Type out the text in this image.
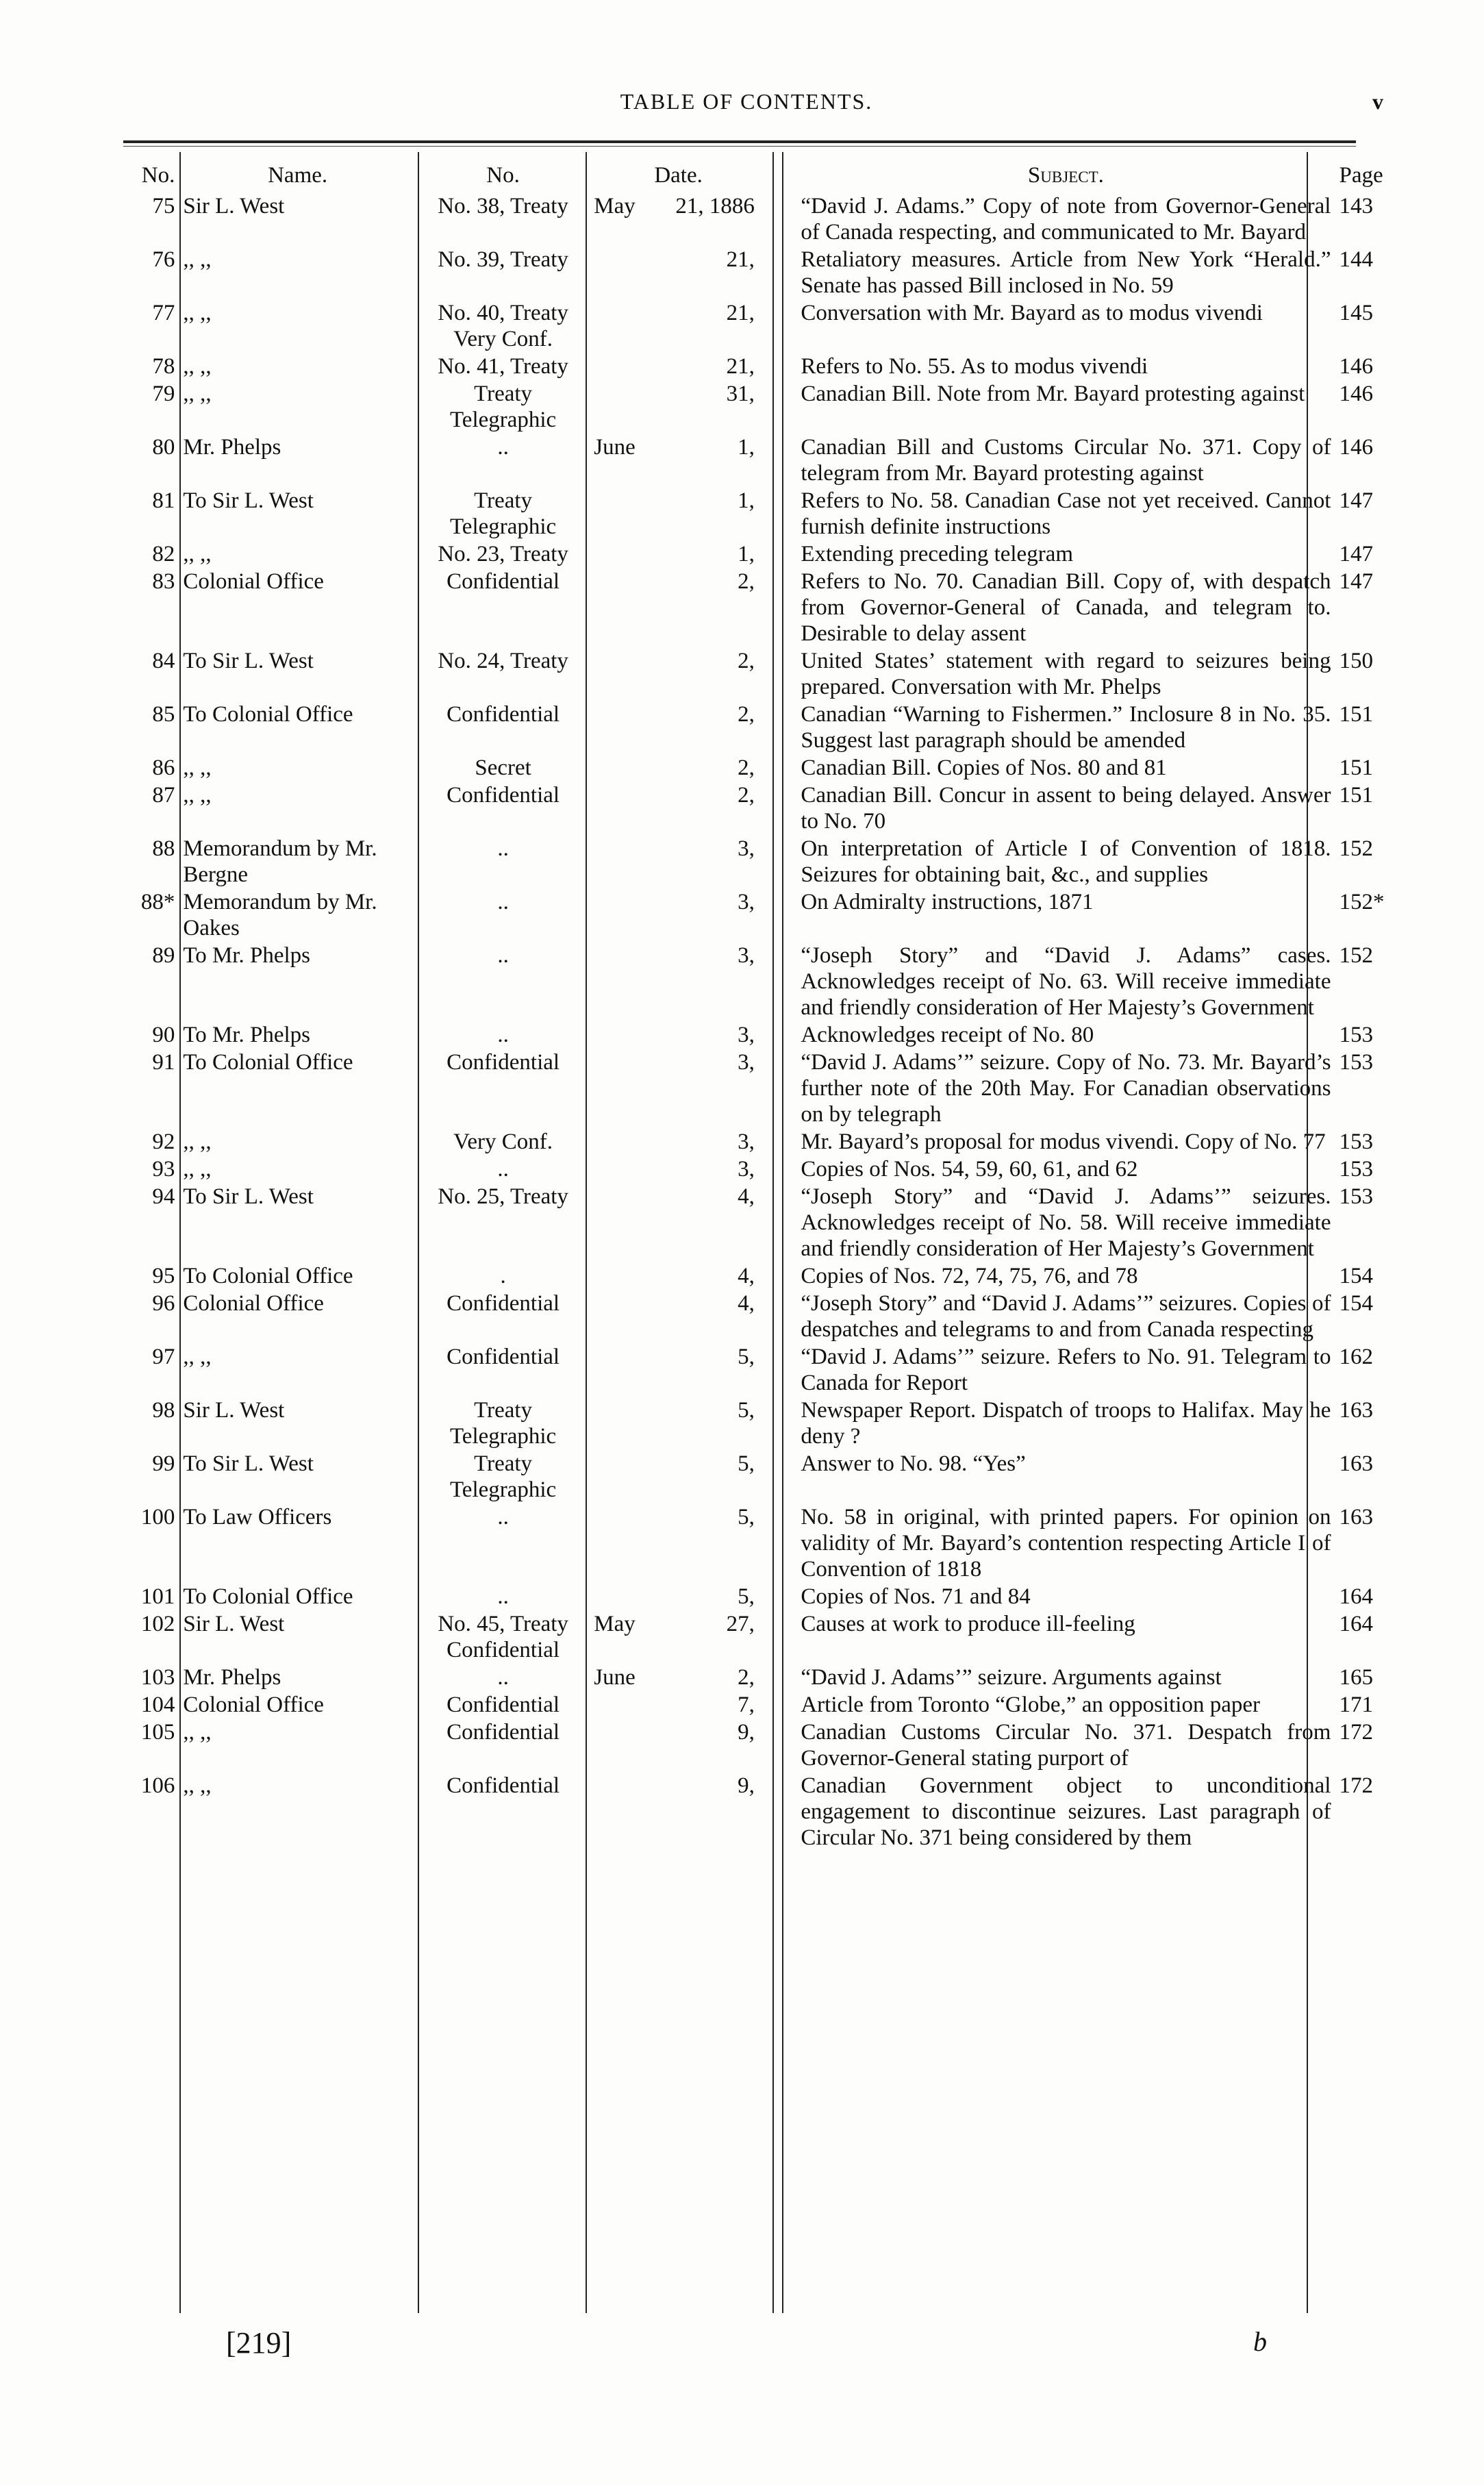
TABLE OF CONTENTS.	v
No.	Name.	No.	Date.		Subject.	Page
75	Sir L. West	No. 38, Treaty	May 21, 1886		“David J. Adams.” Copy of note from Governor-General of Canada respecting, and communicated to Mr. Bayard	143
76	,, ,,	No. 39, Treaty	21,		Retaliatory measures. Article from New York “Herald.” Senate has passed Bill inclosed in No. 59	144
77	,, ,,	No. 40, Treaty Very Conf.	21,		Conversation with Mr. Bayard as to modus vivendi	145
78	,, ,,	No. 41, Treaty	21,		Refers to No. 55. As to modus vivendi	146
79	,, ,,	Treaty Telegraphic	31,		Canadian Bill. Note from Mr. Bayard protesting against	146
80	Mr. Phelps	..	June 1,		Canadian Bill and Customs Circular No. 371. Copy of telegram from Mr. Bayard protesting against	146
81	To Sir L. West	Treaty Telegraphic	1,		Refers to No. 58. Canadian Case not yet received. Cannot furnish definite instructions	147
82	,, ,,	No. 23, Treaty	1,		Extending preceding telegram	147
83	Colonial Office	Confidential	2,		Refers to No. 70. Canadian Bill. Copy of, with despatch from Governor-General of Canada, and telegram to. Desirable to delay assent	147
84	To Sir L. West	No. 24, Treaty	2,		United States’ statement with regard to seizures being prepared. Conversation with Mr. Phelps	150
85	To Colonial Office	Confidential	2,		Canadian “Warning to Fishermen.” Inclosure 8 in No. 35. Suggest last paragraph should be amended	151
86	,, ,,	Secret	2,		Canadian Bill. Copies of Nos. 80 and 81	151
87	,, ,,	Confidential	2,		Canadian Bill. Concur in assent to being delayed. Answer to No. 70	151
88	Memorandum by Mr. Bergne	..	3,		On interpretation of Article I of Convention of 1818. Seizures for obtaining bait, &c., and supplies	152
88*	Memorandum by Mr. Oakes	..	3,		On Admiralty instructions, 1871	152*
89	To Mr. Phelps	..	3,		“Joseph Story” and “David J. Adams” cases. Acknowledges receipt of No. 63. Will receive immediate and friendly consideration of Her Majesty’s Government	152
90	To Mr. Phelps	..	3,		Acknowledges receipt of No. 80	153
91	To Colonial Office	Confidential	3,		“David J. Adams’” seizure. Copy of No. 73. Mr. Bayard’s further note of the 20th May. For Canadian observations on by telegraph	153
92	,, ,,	Very Conf.	3,		Mr. Bayard’s proposal for modus vivendi. Copy of No. 77	153
93	,, ,,	..	3,		Copies of Nos. 54, 59, 60, 61, and 62	153
94	To Sir L. West	No. 25, Treaty	4,		“Joseph Story” and “David J. Adams’” seizures. Acknowledges receipt of No. 58. Will receive immediate and friendly consideration of Her Majesty’s Government	153
95	To Colonial Office	.	4,		Copies of Nos. 72, 74, 75, 76, and 78	154
96	Colonial Office	Confidential	4,		“Joseph Story” and “David J. Adams’” seizures. Copies of despatches and telegrams to and from Canada respecting	154
97	,, ,,	Confidential	5,		“David J. Adams’” seizure. Refers to No. 91. Telegram to Canada for Report	162
98	Sir L. West	Treaty Telegraphic	5,		Newspaper Report. Dispatch of troops to Halifax. May he deny ?	163
99	To Sir L. West	Treaty Telegraphic	5,		Answer to No. 98. “Yes”	163
100	To Law Officers	..	5,		No. 58 in original, with printed papers. For opinion on validity of Mr. Bayard’s contention respecting Article I of Convention of 1818	163
101	To Colonial Office	..	5,		Copies of Nos. 71 and 84	164
102	Sir L. West	No. 45, Treaty Confidential	May 27,		Causes at work to produce ill-feeling	164
103	Mr. Phelps	..	June 2,		“David J. Adams’” seizure. Arguments against	165
104	Colonial Office	Confidential	7,		Article from Toronto “Globe,” an opposition paper	171
105	,, ,,	Confidential	9,		Canadian Customs Circular No. 371. Despatch from Governor-General stating purport of	172
106	,, ,,	Confidential	9,		Canadian Government object to unconditional engagement to discontinue seizures. Last paragraph of Circular No. 371 being considered by them	172
[219]	b
